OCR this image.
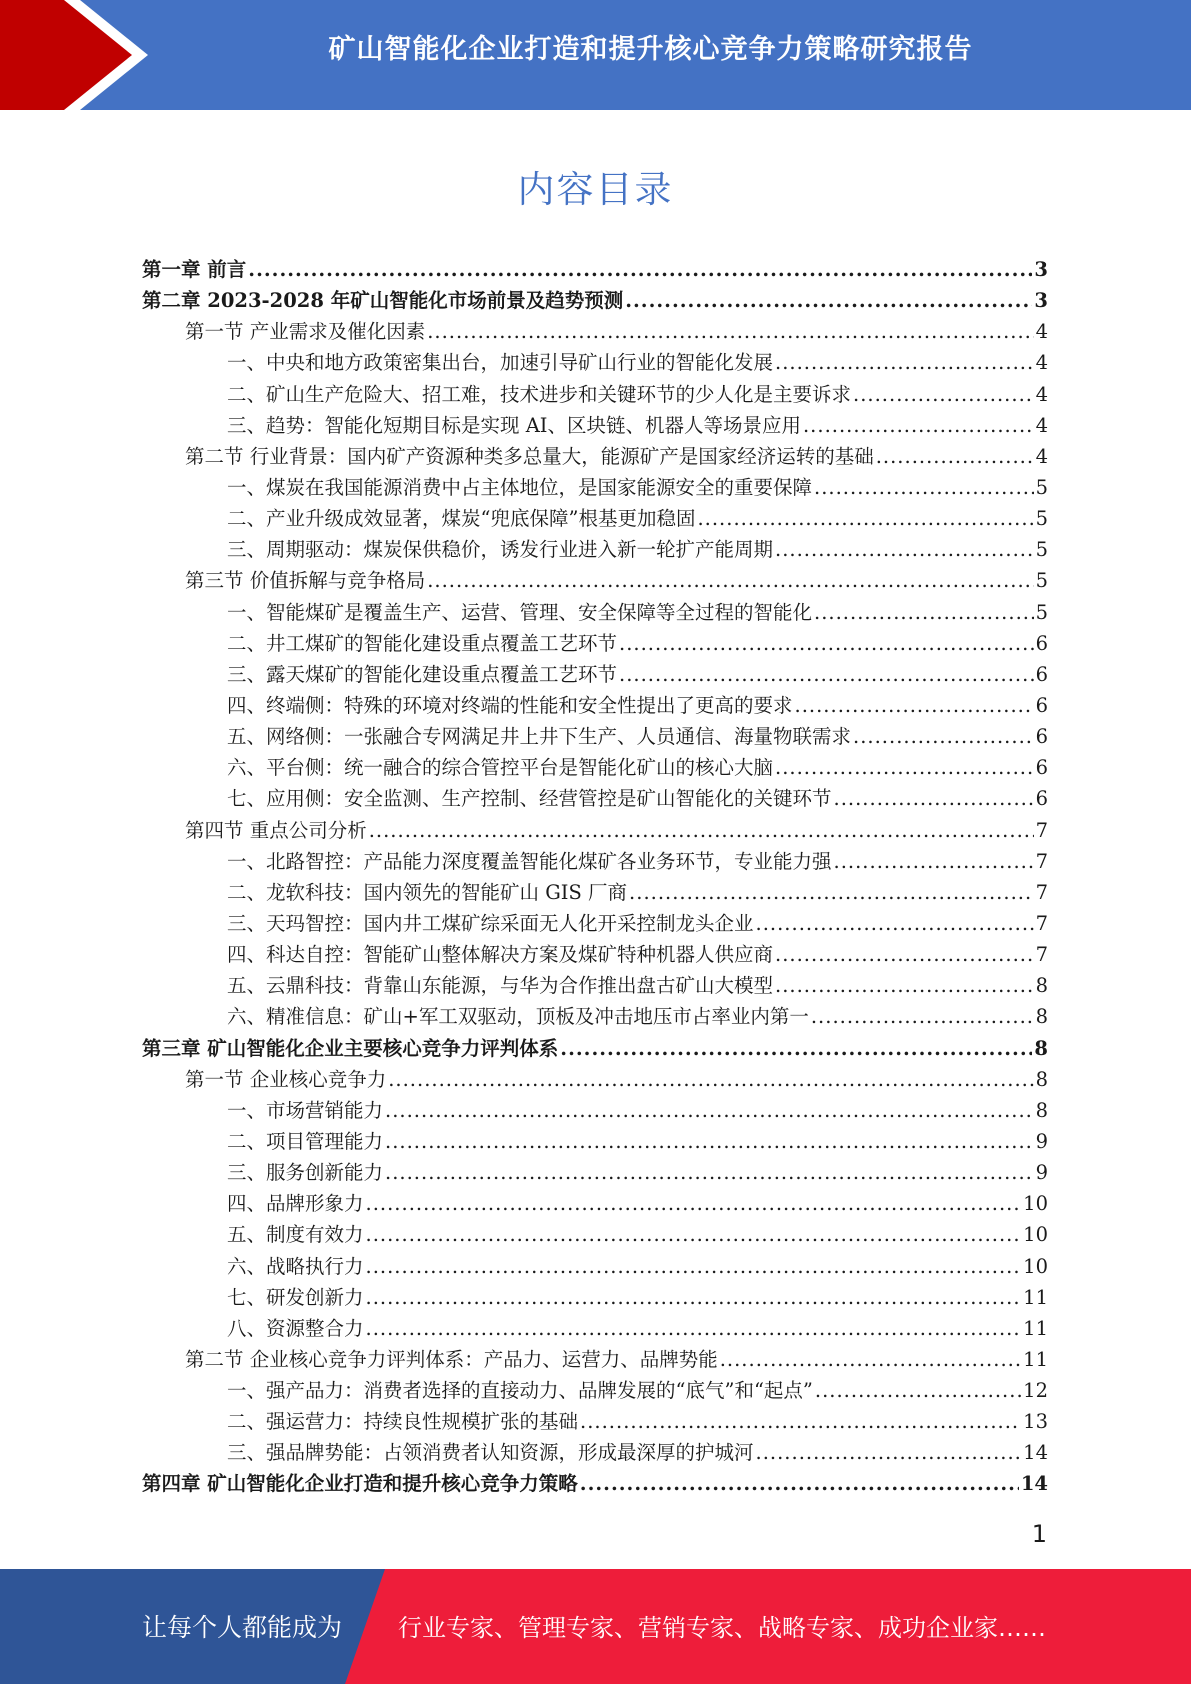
矿山智能化企业打造和提升核心竞争力策略研究报告
内容目录
第一章 前言 .....	3
第二章 2023-2028 年矿山智能化市场前景及趋势预测 .....	3
第一节 产业需求及催化因素 .....	4
一、中央和地方政策密集出台，加速引导矿山行业的智能化发展 .....	4
二、矿山生产危险大、招工难，技术进步和关键环节的少人化是主要诉求 .....	4
三、趋势：智能化短期目标是实现 AI、区块链、机器人等场景应用 .....	4
第二节 行业背景：国内矿产资源种类多总量大，能源矿产是国家经济运转的基础 .....	4
一、煤炭在我国能源消费中占主体地位，是国家能源安全的重要保障 .....	5
二、产业升级成效显著，煤炭“兜底保障”根基更加稳固 .....	5
三、周期驱动：煤炭保供稳价，诱发行业进入新一轮扩产能周期 .....	5
第三节 价值拆解与竞争格局 .....	5
一、智能煤矿是覆盖生产、运营、管理、安全保障等全过程的智能化 .....	5
二、井工煤矿的智能化建设重点覆盖工艺环节 .....	6
三、露天煤矿的智能化建设重点覆盖工艺环节 .....	6
四、终端侧：特殊的环境对终端的性能和安全性提出了更高的要求 .....	6
五、网络侧：一张融合专网满足井上井下生产、人员通信、海量物联需求 .....	6
六、平台侧：统一融合的综合管控平台是智能化矿山的核心大脑 .....	6
七、应用侧：安全监测、生产控制、经营管控是矿山智能化的关键环节 .....	6
第四节 重点公司分析 .....	7
一、北路智控：产品能力深度覆盖智能化煤矿各业务环节，专业能力强 .....	7
二、龙软科技：国内领先的智能矿山 GIS 厂商 .....	7
三、天玛智控：国内井工煤矿综采面无人化开采控制龙头企业 .....	7
四、科达自控：智能矿山整体解决方案及煤矿特种机器人供应商 .....	7
五、云鼎科技：背靠山东能源，与华为合作推出盘古矿山大模型 .....	8
六、精准信息：矿山+军工双驱动，顶板及冲击地压市占率业内第一 .....	8
第三章 矿山智能化企业主要核心竞争力评判体系 .....	8
第一节 企业核心竞争力 .....	8
一、市场营销能力 .....	8
二、项目管理能力 .....	9
三、服务创新能力 .....	9
四、品牌形象力 .....	10
五、制度有效力 .....	10
六、战略执行力 .....	10
七、研发创新力 .....	11
八、资源整合力 .....	11
第二节 企业核心竞争力评判体系：产品力、运营力、品牌势能 .....	11
一、强产品力：消费者选择的直接动力、品牌发展的“底气”和“起点” .....	12
二、强运营力：持续良性规模扩张的基础 .....	13
三、强品牌势能：占领消费者认知资源，形成最深厚的护城河 .....	14
第四章 矿山智能化企业打造和提升核心竞争力策略 .....	14
1
让每个人都能成为 行业专家、管理专家、营销专家、战略专家、成功企业家……
